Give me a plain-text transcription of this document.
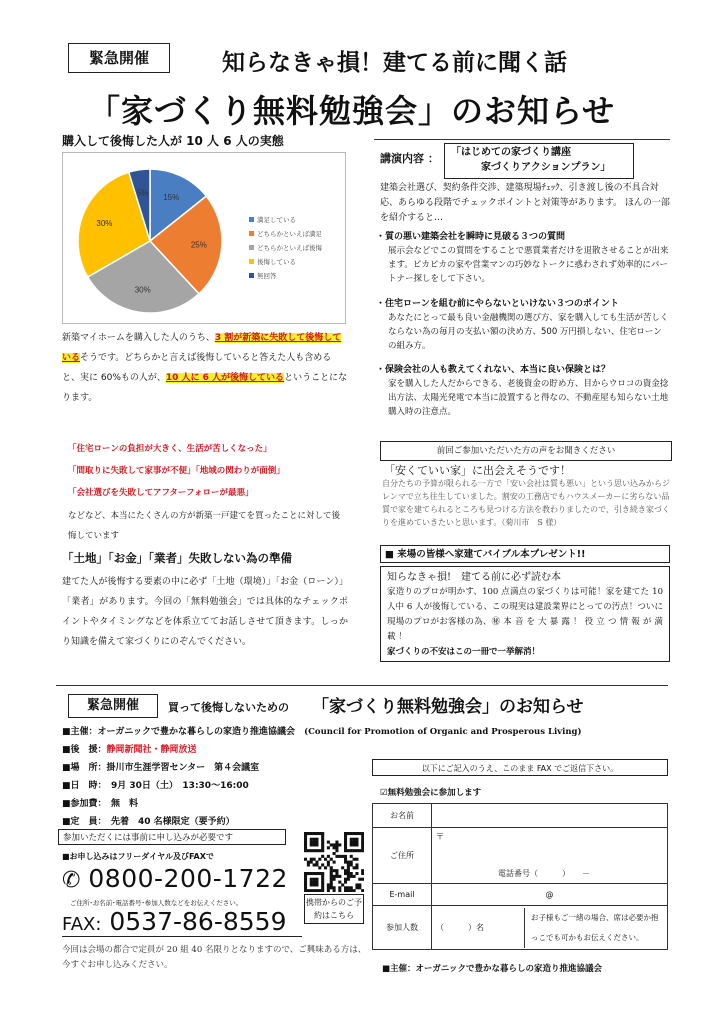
緊急開催	知らなきゃ損！建てる前に聞く話
「家づくり無料勉強会」のお知らせ
購入して後悔した人が 10 人 6 人の実態
15%
25%
30%
30%
5%
満足している
どちらかといえば満足
どちらかといえば後悔
後悔している
無回答
新築マイホームを購入した人のうち、3 割が新築に失敗して後悔しているそうです。どちらかと言えば後悔していると答えた人も含めると、実に 60%もの人が、10 人に 6 人が後悔しているということになります。
「住宅ローンの負担が大きく、生活が苦しくなった」
「間取りに失敗して家事が不便」「地域の関わりが面倒」
「会社選びを失敗してアフターフォローが最悪」
などなど、本当にたくさんの方が新築一戸建てを買ったことに対して後悔しています
「土地」「お金」「業者」失敗しない為の準備
建てた人が後悔する要素の中に必ず「土地（環境）」「お金（ローン）」「業者」があります。今回の「無料勉強会」では具体的なチェックポイントやタイミングなどを体系立ててお話しさせて頂きます。しっかり知識を備えて家づくりにのぞんでください。
講演内容 ： 「はじめての家づくり講座
家づくりアクションプラン」
建築会社選び、契約条件交渉、建築現場ﾁｪｯｸ、引き渡し後の不具合対応、あらゆる段階でチェックポイントと対策等があります。 ほんの一部を紹介すると…
・質の悪い建築会社を瞬時に見破る３つの質問
展示会などでこの質問をすることで悪質業者だけを退散させることが出来ます。ピカピカの家や営業マンの巧妙なトークに惑わされず効率的にパートナー探しをして下さい。
・住宅ローンを組む前にやらないといけない３つのポイント
あなたにとって最も良い金融機関の選び方、家を購入しても生活が苦しくならない為の毎月の支払い額の決め方、500 万円損しない、住宅ローンの組み方。
・保険会社の人も教えてくれない、本当に良い保険とは？
家を購入した人だからできる、老後資金の貯め方、目からウロコの資金捻出方法、太陽光発電で本当に設置すると得なの、不動産屋も知らない土地購入時の注意点。
前回ご参加いただいた方の声をお聞きください
「安くていい家」に出会えそうです！
自分たちの予算が限られる一方で「安い会社は質も悪い」という思い込みからジレンマで立ち往生していました。割安の工務店でもハウスメーカーに劣らない品質で家を建てられるところも見つける方法を教わりましたので、引き続き家づくりを進めていきたいと思います。（菊川市　S 様）
■ 来場の皆様へ家建てバイブル本プレゼント!!
知らなきゃ損!　建てる前に必ず読む本
家造りのプロが明かす、100 点満点の家づくりは可能！家を建てた 10 人中 6 人が後悔している、この現実は建設業界にとっての汚点！ついに現場のプロがお客様の為、㊙ 本 音 を 大 暴 露 ！ 役 立 つ 情 報 が 満 載 ！
家づくりの不安はこの一冊で一挙解消！
緊急開催	買って後悔しないための 「家づくり無料勉強会」のお知らせ
■主催：オーガニックで豊かな暮らしの家造り推進協議会 (Council for Promotion of Organic and Prosperous Living)
■後　援：静岡新聞社・静岡放送
■場　所：掛川市生涯学習センター　第４会議室
■日　時：　9月 30日（土）　13:30～16:00
■参加費：　無　料
■定　員：　先着　40 名様限定（要予約）
参加いただくには事前に申し込みが必要です
■お申し込みはフリーダイヤル及びFAXで
✆ 0800-200-1722
ご住所･お名前･電話番号･参加人数などをお伝えください。
FAX: 0537-86-8559
今回は会場の都合で定員が 20 組 40 名限りとなりますので、ご興味ある方は、今すぐお申し込みください。
携帯からのご予約はこちら
以下にご記入のうえ、このまま FAX でご返信下さい。
☑無料勉強会に参加します
お名前	
ご住所	〒
電話番号（　　　）　　－

E-mail	@
参加人数	（　　　）名
お子様もご一緒の場合、席は必要か抱っこでも可かもお伝えください。
■主催：オーガニックで豊かな暮らしの家造り推進協議会
